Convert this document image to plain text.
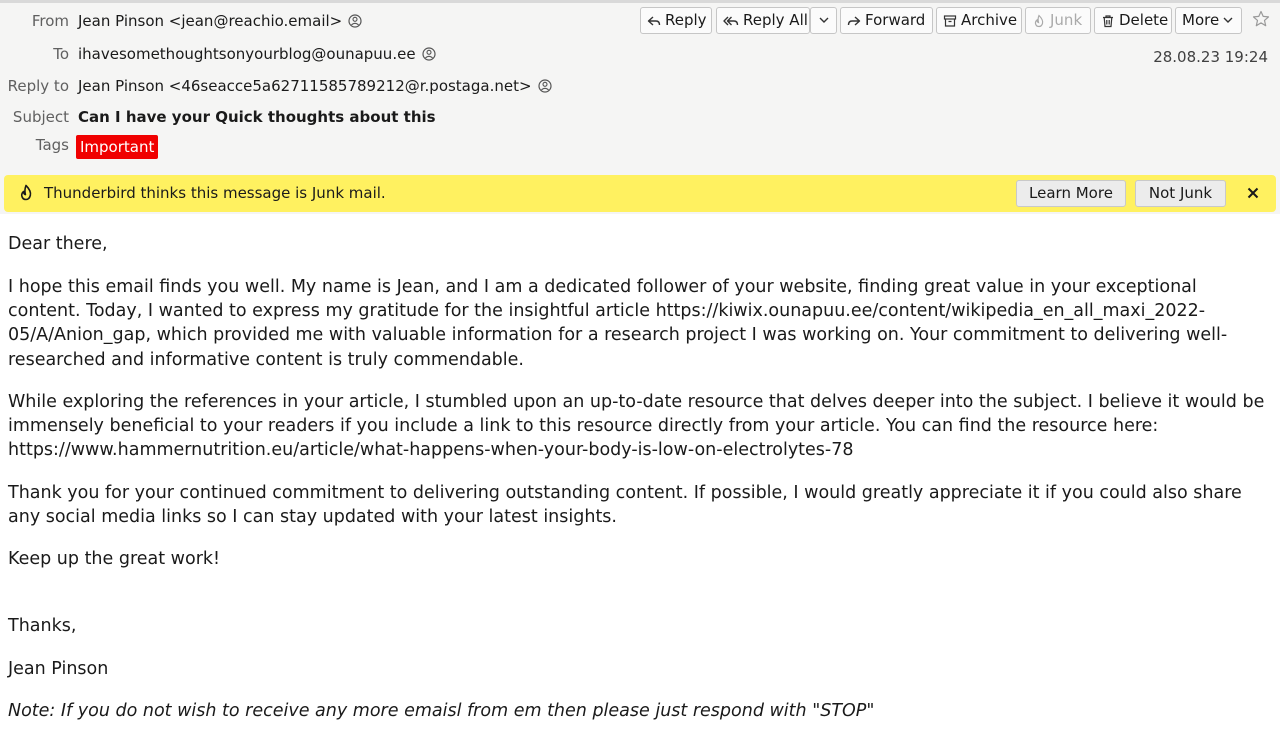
From Jean Pinson <jean@reachio.email>
To ihavesomethoughtsonyourblog@ounapuu.ee
Reply to Jean Pinson <46seacce5a62711585789212@r.postaga.net>
Subject Can I have your Quick thoughts about this
Tags Important
Reply	Reply All	Forward	Archive	Junk	Delete More
28.08.23 19:24
Thunderbird thinks this message is Junk mail.	Learn More	Not Junk

Dear there,

I hope this email finds you well. My name is Jean, and I am a dedicated follower of your website, finding great value in your exceptional content. Today, I wanted to express my gratitude for the insightful article https://kiwix.ounapuu.ee/content/wikipedia_en_all_maxi_2022-05/A/Anion_gap, which provided me with valuable information for a research project I was working on. Your commitment to delivering well-researched and informative content is truly commendable.

While exploring the references in your article, I stumbled upon an up-to-date resource that delves deeper into the subject. I believe it would be immensely beneficial to your readers if you include a link to this resource directly from your article. You can find the resource here: https://www.hammernutrition.eu/article/what-happens-when-your-body-is-low-on-electrolytes-78

Thank you for your continued commitment to delivering outstanding content. If possible, I would greatly appreciate it if you could also share any social media links so I can stay updated with your latest insights.

Keep up the great work!

Thanks,

Jean Pinson

Note: If you do not wish to receive any more emaisl from em then please just respond with "STOP"
